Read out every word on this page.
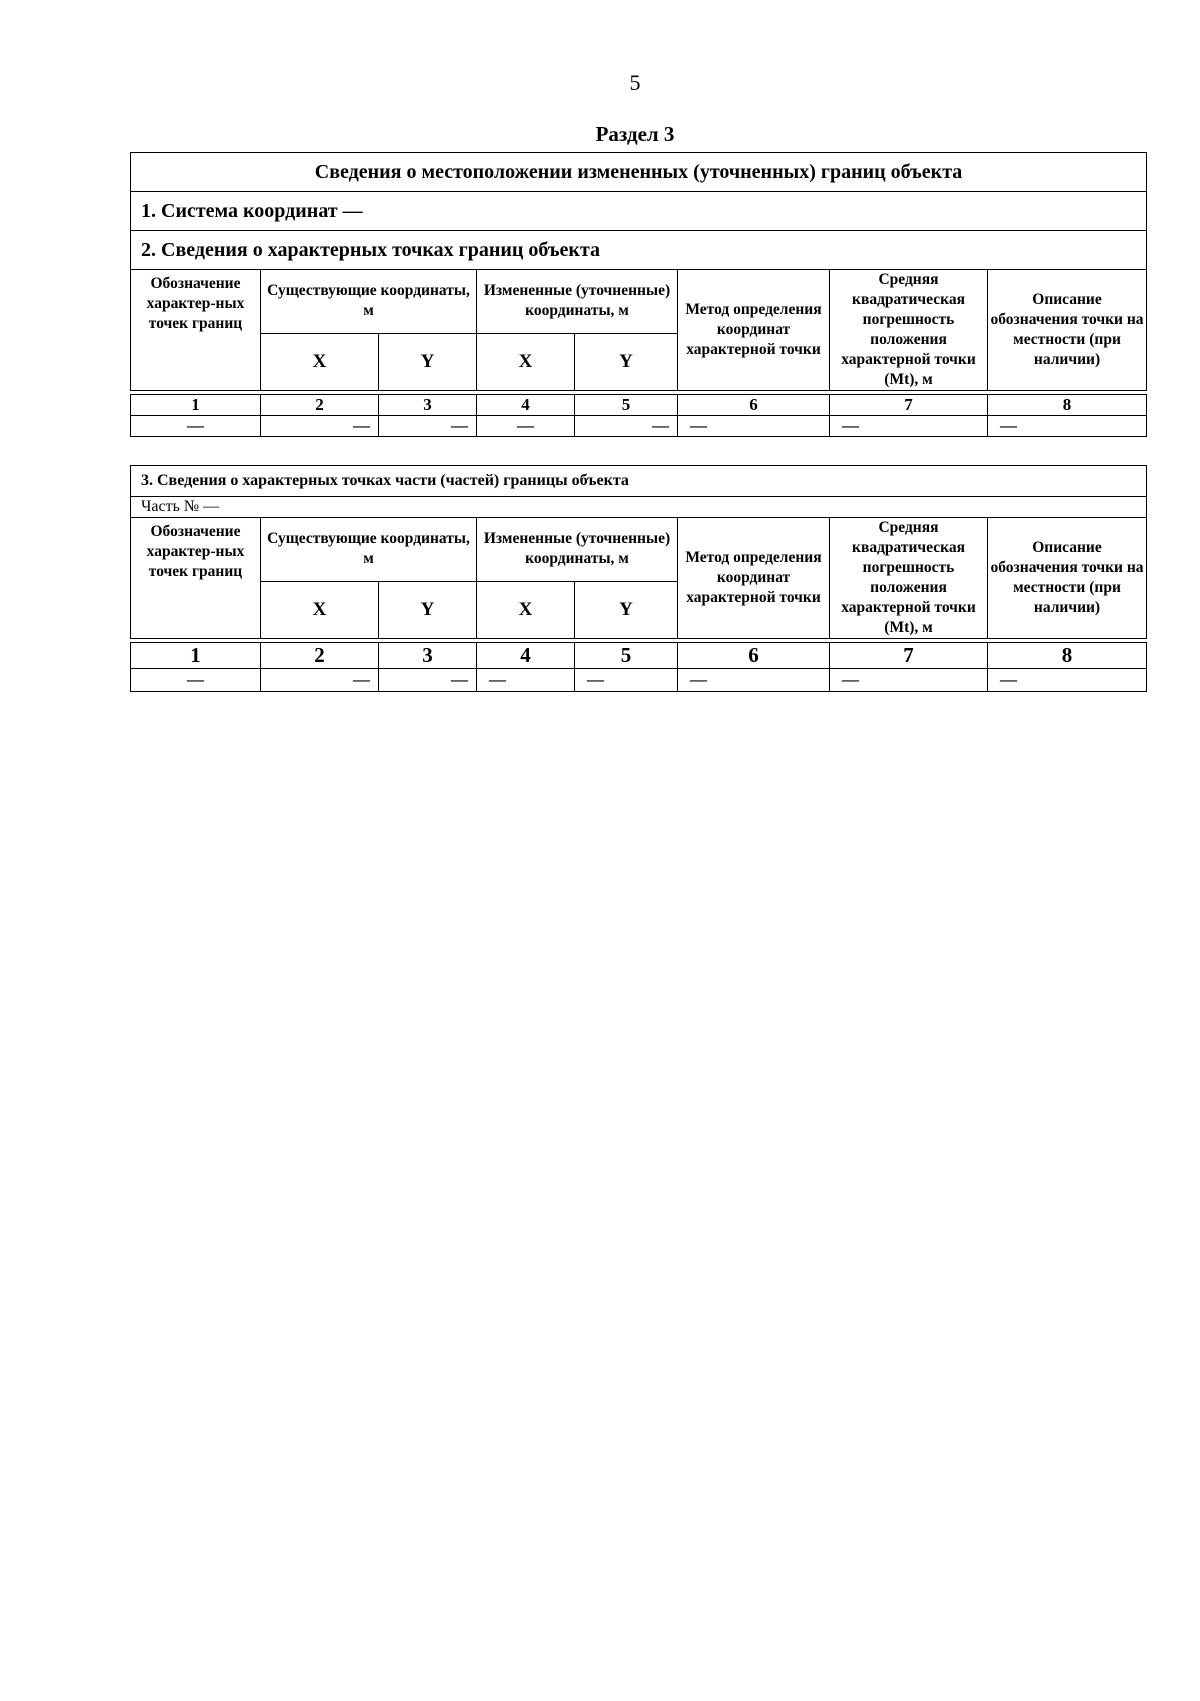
5
Раздел 3
Сведения о местоположении измененных (уточненных) границ объекта							
1. Система координат —							
2. Сведения о характерных точках границ объекта							
Обозначение характер-ных точек границ	Существующие координаты, м		Измененные (уточненные) координаты, м		Метод определения координат характерной точки	Средняя квадратическая погрешность положения характерной точки (Mt), м	Описание обозначения точки на местности (при наличии)
	X	Y	X	Y			

1	2	3	4	5	6	7	8
—	—	—	—	—	—	—	—
3. Сведения о характерных точках части (частей) границы объекта							
Часть № —							
Обозначение характер-ных точек границ	Существующие координаты, м		Измененные (уточненные) координаты, м		Метод определения координат характерной точки	Средняя квадратическая погрешность положения характерной точки (Mt), м	Описание обозначения точки на местности (при наличии)
	X	Y	X	Y			

1	2	3	4	5	6	7	8
—	—	—	—	—	—	—	—
